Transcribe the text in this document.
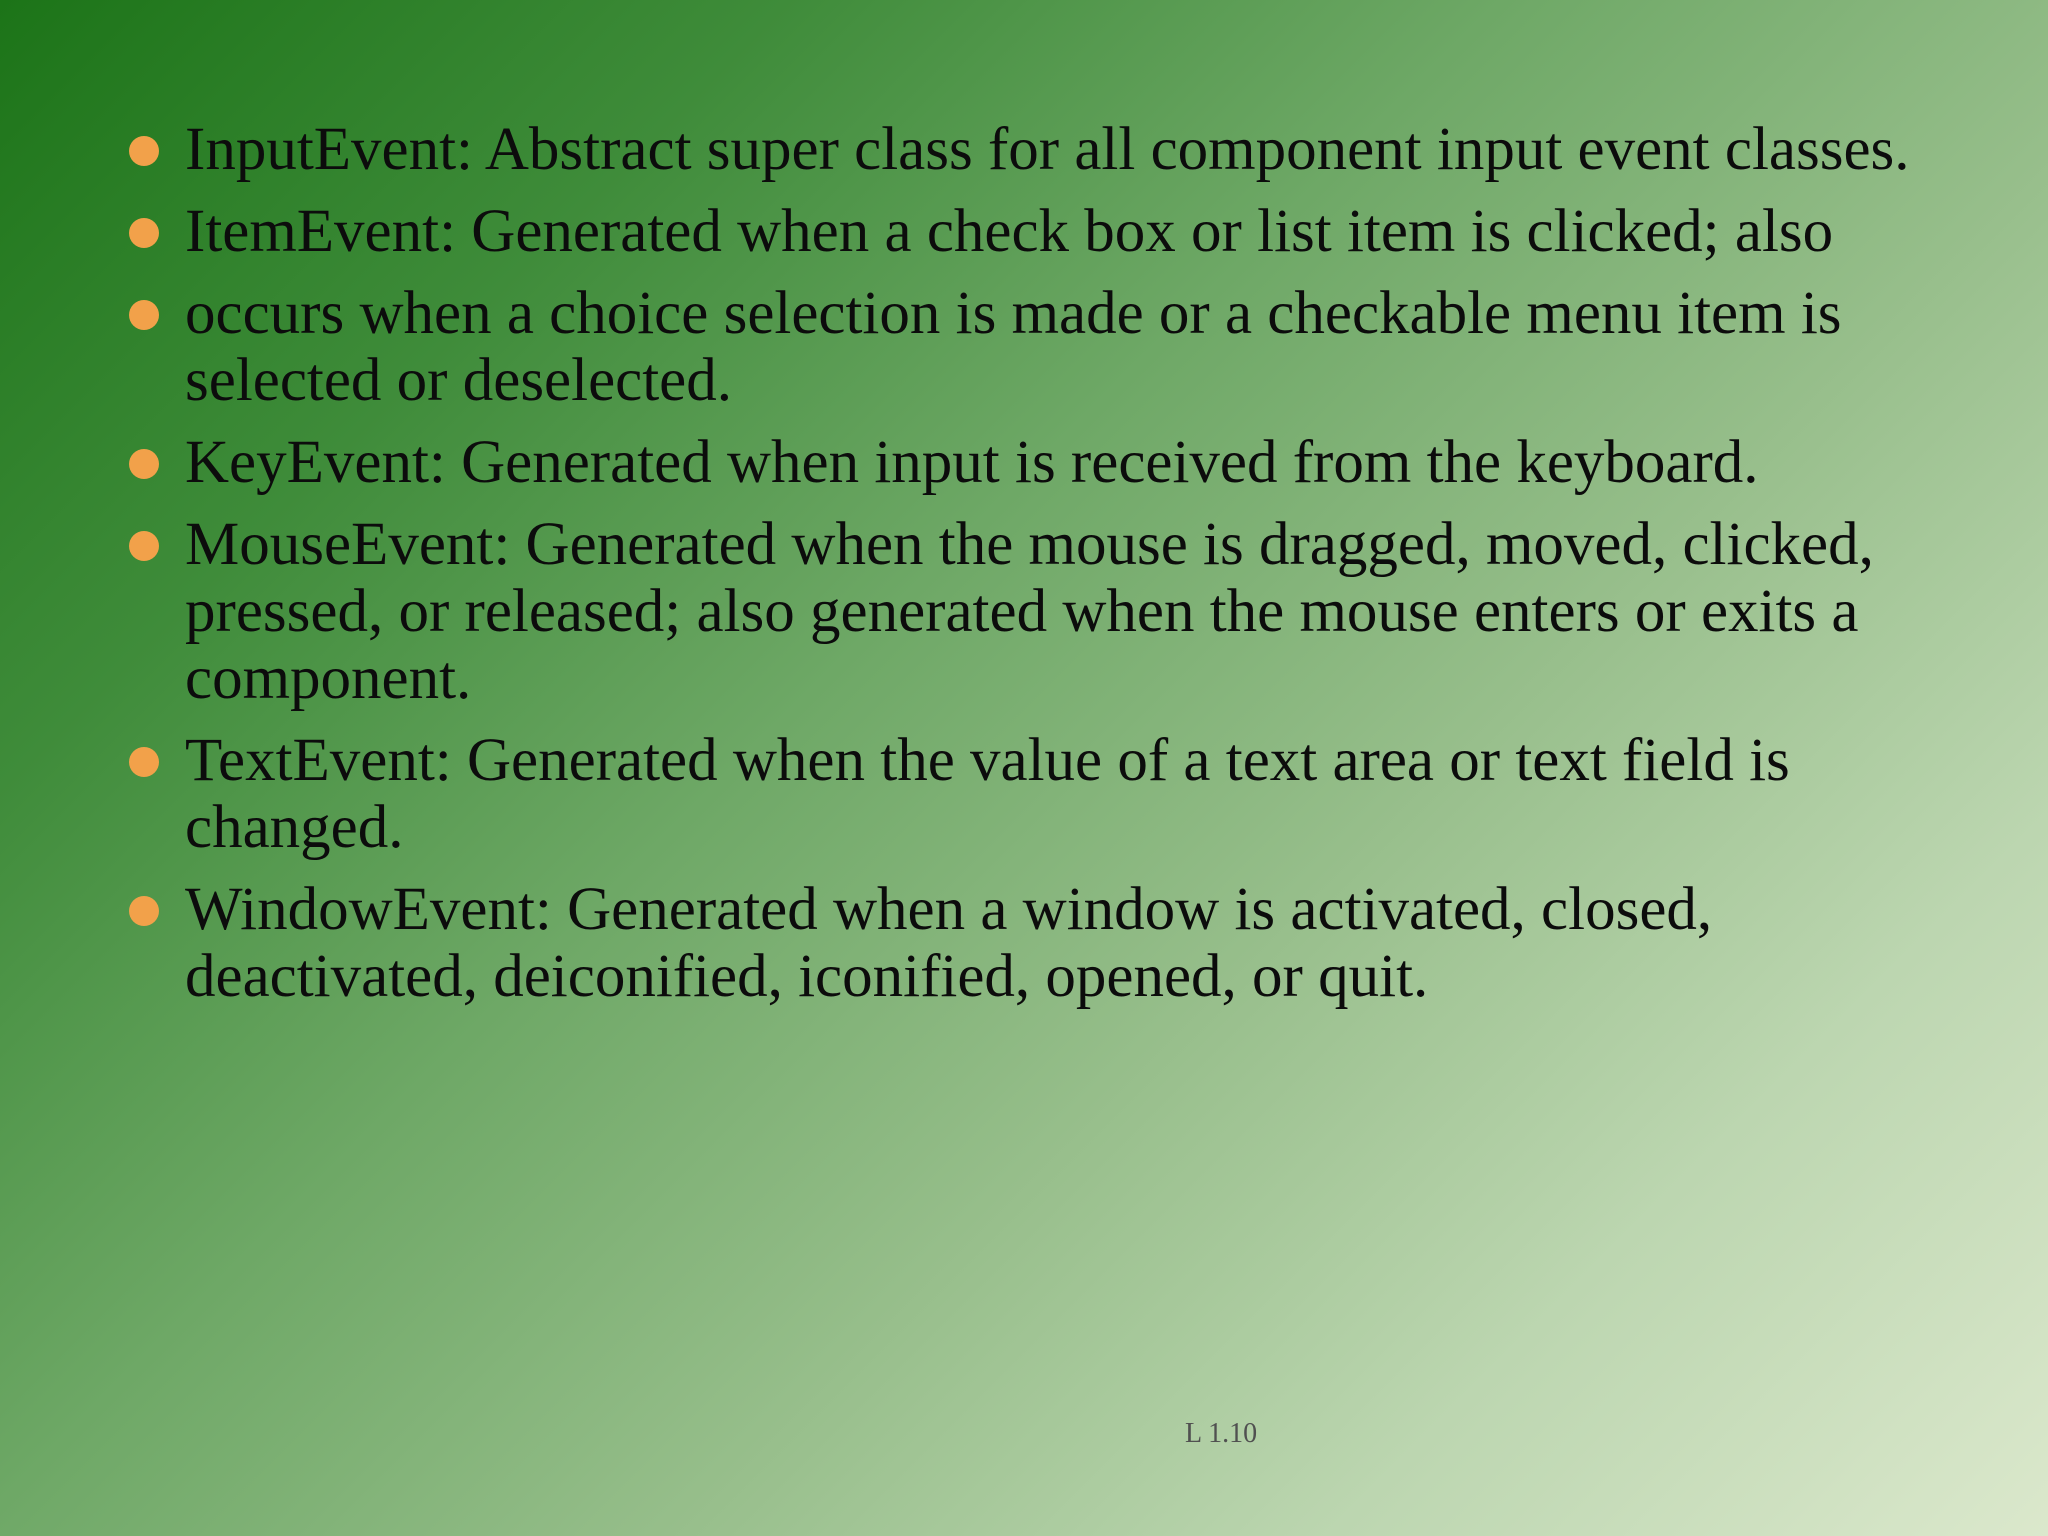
InputEvent: Abstract super class for all component input event classes.
ItemEvent: Generated when a check box or list item is clicked; also
occurs when a choice selection is made or a checkable menu item is selected or deselected.
KeyEvent: Generated when input is received from the keyboard.
MouseEvent: Generated when the mouse is dragged, moved, clicked, pressed, or released; also generated when the mouse enters or exits a component.
TextEvent: Generated when the value of a text area or text field is changed.
WindowEvent: Generated when a window is activated, closed, deactivated, deiconified, iconified, opened, or quit.
L 1.10
